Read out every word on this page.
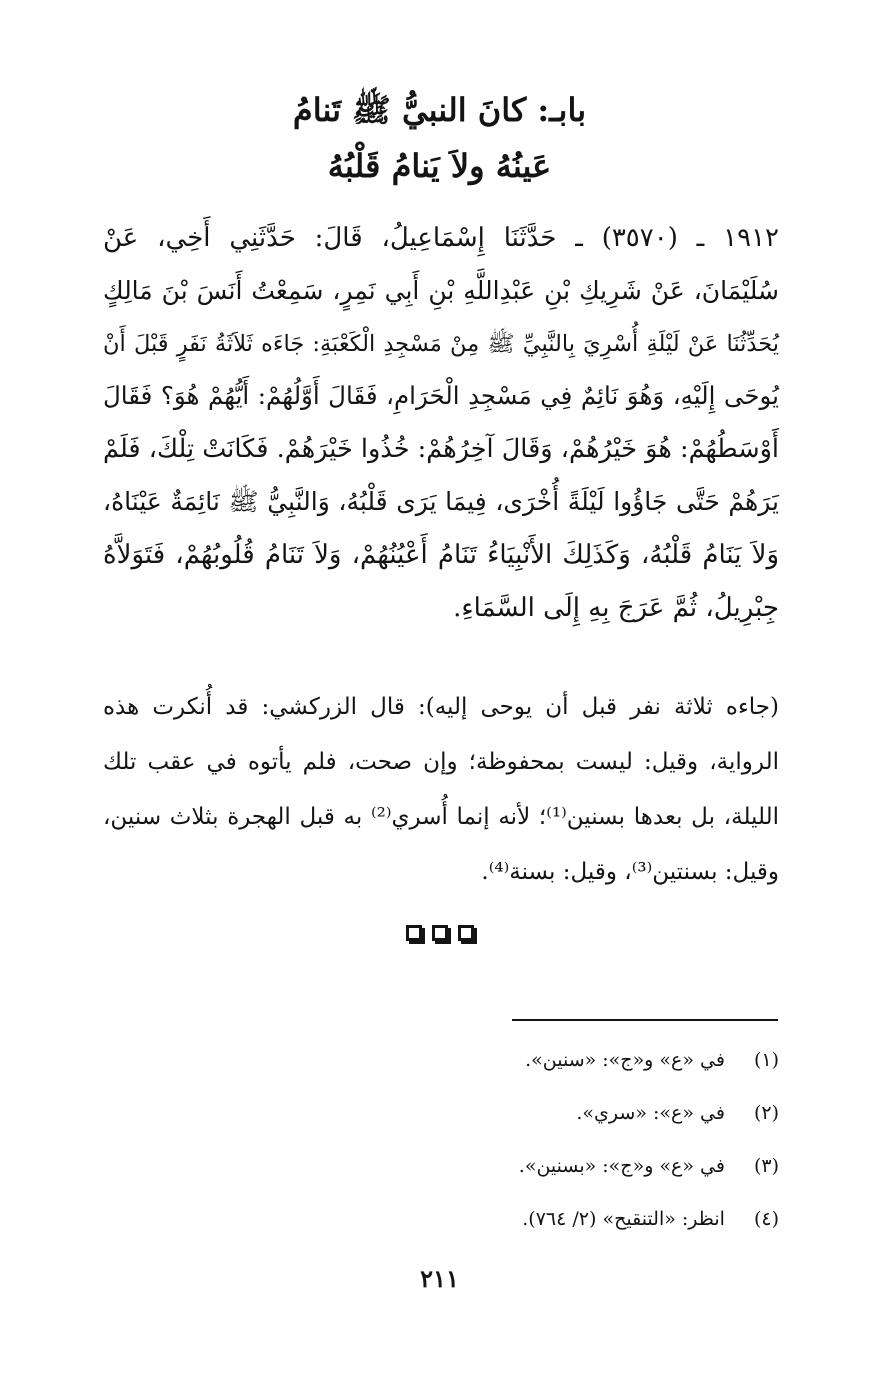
بابـ: كانَ النبيُّ ﷺ تَنامُ
عَينُهُ ولاَ يَنامُ قَلْبُهُ
١٩١٢ ـ (٣٥٧٠) ـ حَدَّثَنَا إِسْمَاعِيلُ، قَالَ: حَدَّثَنِي أَخِي، عَنْ
سُلَيْمَانَ، عَنْ شَرِيكِ بْنِ عَبْدِاللَّهِ بْنِ أَبِي نَمِرٍ، سَمِعْتُ أَنَسَ بْنَ مَالِكٍ
يُحَدِّثُنَا عَنْ لَيْلَةِ أُسْرِيَ بِالنَّبِيِّ ﷺ مِنْ مَسْجِدِ الْكَعْبَةِ: جَاءَه ثَلاَثَةُ نَفَرٍ قَبْلَ أَنْ
يُوحَى إِلَيْهِ، وَهُوَ نَائِمٌ فِي مَسْجِدِ الْحَرَامِ، فَقَالَ أَوَّلُهُمْ: أَيُّهُمْ هُوَ؟ فَقَالَ
أَوْسَطُهُمْ: هُوَ خَيْرُهُمْ، وَقَالَ آخِرُهُمْ: خُذُوا خَيْرَهُمْ. فَكَانَتْ تِلْكَ، فَلَمْ
يَرَهُمْ حَتَّى جَاؤُوا لَيْلَةً أُخْرَى، فِيمَا يَرَى قَلْبُهُ، وَالنَّبِيُّ ﷺ نَائِمَةٌ عَيْنَاهُ،
وَلاَ يَنَامُ قَلْبُهُ، وَكَذَلِكَ الأَنْبِيَاءُ تَنَامُ أَعْيُنُهُمْ، وَلاَ تَنَامُ قُلُوبُهُمْ، فَتَوَلاَّهُ
جِبْرِيلُ، ثُمَّ عَرَجَ بِهِ إِلَى السَّمَاءِ.
(جاءه ثلاثة نفر قبل أن يوحى إليه): قال الزركشي: قد أُنكرت هذه
الرواية، وقيل: ليست بمحفوظة؛ وإن صحت، فلم يأتوه في عقب تلك
الليلة، بل بعدها بسنين⁽¹⁾؛ لأنه إنما أُسري⁽²⁾ به قبل الهجرة بثلاث سنين،
وقيل: بسنتين⁽³⁾، وقيل: بسنة⁽⁴⁾.
(١) في «ع» و«ج»: «سنين».
(٢) في «ع»: «سري».
(٣) في «ع» و«ج»: «بسنين».
(٤) انظر: «التنقيح» (٢/ ٧٦٤).
٢١١
